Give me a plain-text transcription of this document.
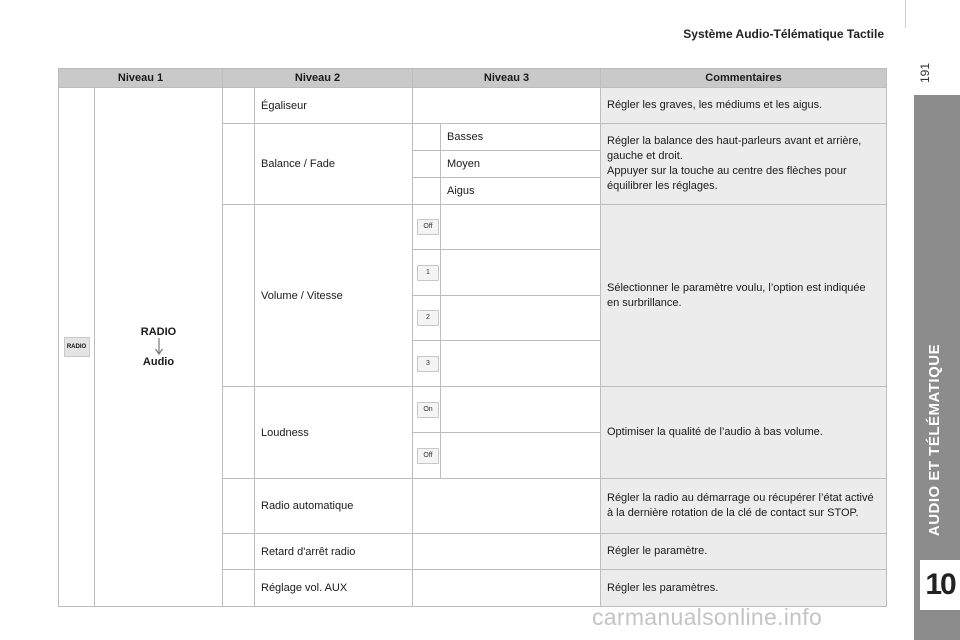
Système Audio-Télématique Tactile
191
AUDIO ET TÉLÉMATIQUE
10
Niveau 1		Niveau 2		Niveau 3		Commentaires
RADIO	RADIO
Audio		Égaliseur			Régler les graves, les médiums et les aigus.
			Balance / Fade		Basses	Régler la balance des haut-parleurs avant et arrière, gauche et droit.
Appuyer sur la touche au centre des flèches pour équilibrer les réglages.
					Moyen	
					Aigus	
			Volume / Vitesse	Off		Sélectionner le paramètre voulu, l’option est indiquée en surbrillance.
				1		
				2		
				3		
			Loudness	On		Optimiser la qualité de l’audio à bas volume.
				Off		
			Radio automatique			Régler la radio au démarrage ou récupérer l’état activé à la dernière rotation de la clé de contact sur STOP.
			Retard d'arrêt radio			Régler le paramètre.
			Réglage vol. AUX			Régler les paramètres.
carmanualsonline.info
